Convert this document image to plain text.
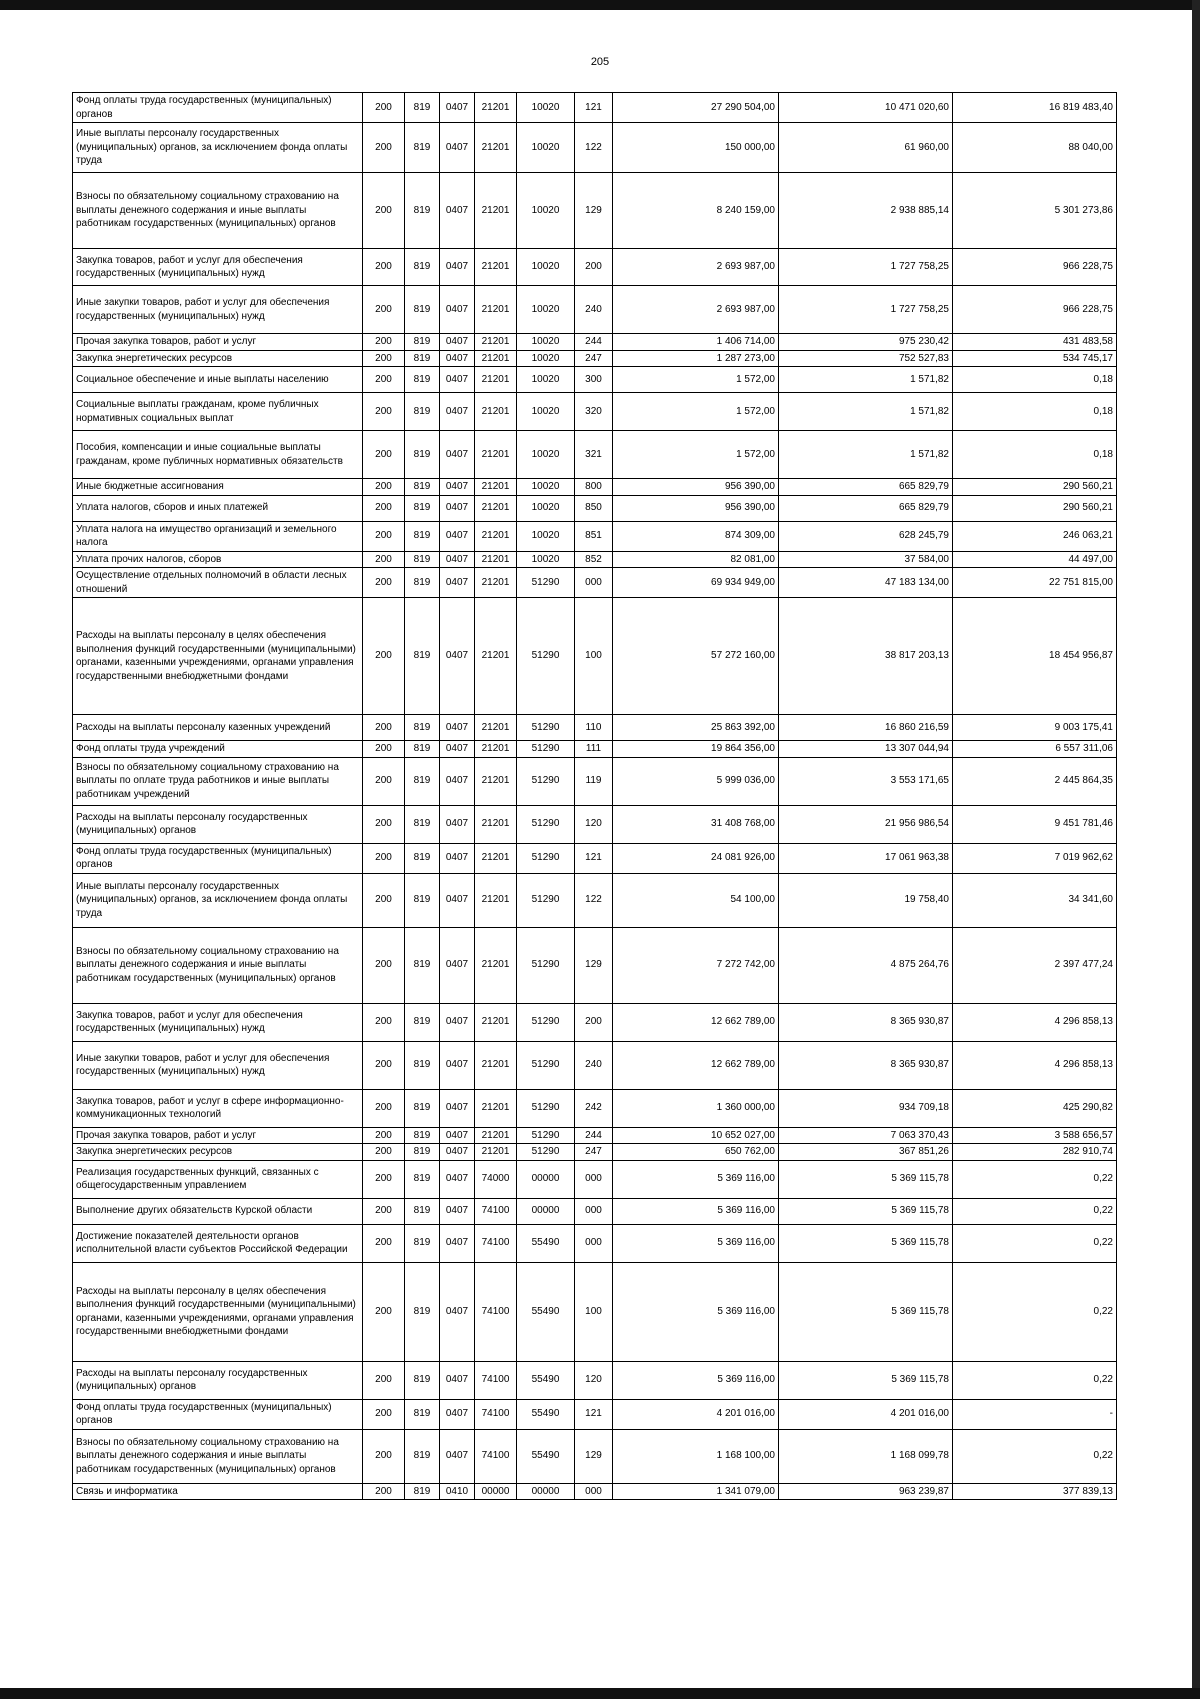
205
Фонд оплаты труда государственных (муниципальных) органов	200	819	0407	21201	10020	121	27 290 504,00	10 471 020,60	16 819 483,40
Иные выплаты персоналу государственных (муниципальных) органов, за исключением фонда оплаты труда	200	819	0407	21201	10020	122	150 000,00	61 960,00	88 040,00
Взносы по обязательному социальному страхованию на выплаты денежного содержания и иные выплаты работникам государственных (муниципальных) органов	200	819	0407	21201	10020	129	8 240 159,00	2 938 885,14	5 301 273,86
Закупка товаров, работ и услуг для обеспечения государственных (муниципальных) нужд	200	819	0407	21201	10020	200	2 693 987,00	1 727 758,25	966 228,75
Иные закупки товаров, работ и услуг для обеспечения государственных (муниципальных) нужд	200	819	0407	21201	10020	240	2 693 987,00	1 727 758,25	966 228,75
Прочая закупка товаров, работ и услуг	200	819	0407	21201	10020	244	1 406 714,00	975 230,42	431 483,58
Закупка энергетических ресурсов	200	819	0407	21201	10020	247	1 287 273,00	752 527,83	534 745,17
Социальное обеспечение и иные выплаты населению	200	819	0407	21201	10020	300	1 572,00	1 571,82	0,18
Социальные выплаты гражданам, кроме публичных нормативных социальных выплат	200	819	0407	21201	10020	320	1 572,00	1 571,82	0,18
Пособия, компенсации и иные социальные выплаты гражданам, кроме публичных нормативных обязательств	200	819	0407	21201	10020	321	1 572,00	1 571,82	0,18
Иные бюджетные ассигнования	200	819	0407	21201	10020	800	956 390,00	665 829,79	290 560,21
Уплата налогов, сборов и иных платежей	200	819	0407	21201	10020	850	956 390,00	665 829,79	290 560,21
Уплата налога на имущество организаций и земельного налога	200	819	0407	21201	10020	851	874 309,00	628 245,79	246 063,21
Уплата прочих налогов, сборов	200	819	0407	21201	10020	852	82 081,00	37 584,00	44 497,00
Осуществление отдельных полномочий в области лесных отношений	200	819	0407	21201	51290	000	69 934 949,00	47 183 134,00	22 751 815,00
Расходы на выплаты персоналу в целях обеспечения выполнения функций государственными (муниципальными) органами, казенными учреждениями, органами управления государственными внебюджетными фондами	200	819	0407	21201	51290	100	57 272 160,00	38 817 203,13	18 454 956,87
Расходы на выплаты персоналу казенных учреждений	200	819	0407	21201	51290	110	25 863 392,00	16 860 216,59	9 003 175,41
Фонд оплаты труда учреждений	200	819	0407	21201	51290	111	19 864 356,00	13 307 044,94	6 557 311,06
Взносы по обязательному социальному страхованию на выплаты по оплате труда работников и иные выплаты работникам учреждений	200	819	0407	21201	51290	119	5 999 036,00	3 553 171,65	2 445 864,35
Расходы на выплаты персоналу государственных (муниципальных) органов	200	819	0407	21201	51290	120	31 408 768,00	21 956 986,54	9 451 781,46
Фонд оплаты труда государственных (муниципальных) органов	200	819	0407	21201	51290	121	24 081 926,00	17 061 963,38	7 019 962,62
Иные выплаты персоналу государственных (муниципальных) органов, за исключением фонда оплаты труда	200	819	0407	21201	51290	122	54 100,00	19 758,40	34 341,60
Взносы по обязательному социальному страхованию на выплаты денежного содержания и иные выплаты работникам государственных (муниципальных) органов	200	819	0407	21201	51290	129	7 272 742,00	4 875 264,76	2 397 477,24
Закупка товаров, работ и услуг для обеспечения государственных (муниципальных) нужд	200	819	0407	21201	51290	200	12 662 789,00	8 365 930,87	4 296 858,13
Иные закупки товаров, работ и услуг для обеспечения государственных (муниципальных) нужд	200	819	0407	21201	51290	240	12 662 789,00	8 365 930,87	4 296 858,13
Закупка товаров, работ и услуг в сфере информационно-коммуникационных технологий	200	819	0407	21201	51290	242	1 360 000,00	934 709,18	425 290,82
Прочая закупка товаров, работ и услуг	200	819	0407	21201	51290	244	10 652 027,00	7 063 370,43	3 588 656,57
Закупка энергетических ресурсов	200	819	0407	21201	51290	247	650 762,00	367 851,26	282 910,74
Реализация государственных функций, связанных с общегосударственным управлением	200	819	0407	74000	00000	000	5 369 116,00	5 369 115,78	0,22
Выполнение других обязательств Курской области	200	819	0407	74100	00000	000	5 369 116,00	5 369 115,78	0,22
Достижение показателей деятельности органов исполнительной власти субъектов Российской Федерации	200	819	0407	74100	55490	000	5 369 116,00	5 369 115,78	0,22
Расходы на выплаты персоналу в целях обеспечения выполнения функций государственными (муниципальными) органами, казенными учреждениями, органами управления государственными внебюджетными фондами	200	819	0407	74100	55490	100	5 369 116,00	5 369 115,78	0,22
Расходы на выплаты персоналу государственных (муниципальных) органов	200	819	0407	74100	55490	120	5 369 116,00	5 369 115,78	0,22
Фонд оплаты труда государственных (муниципальных) органов	200	819	0407	74100	55490	121	4 201 016,00	4 201 016,00	-
Взносы по обязательному социальному страхованию на выплаты денежного содержания и иные выплаты работникам государственных (муниципальных) органов	200	819	0407	74100	55490	129	1 168 100,00	1 168 099,78	0,22
Связь и информатика	200	819	0410	00000	00000	000	1 341 079,00	963 239,87	377 839,13
